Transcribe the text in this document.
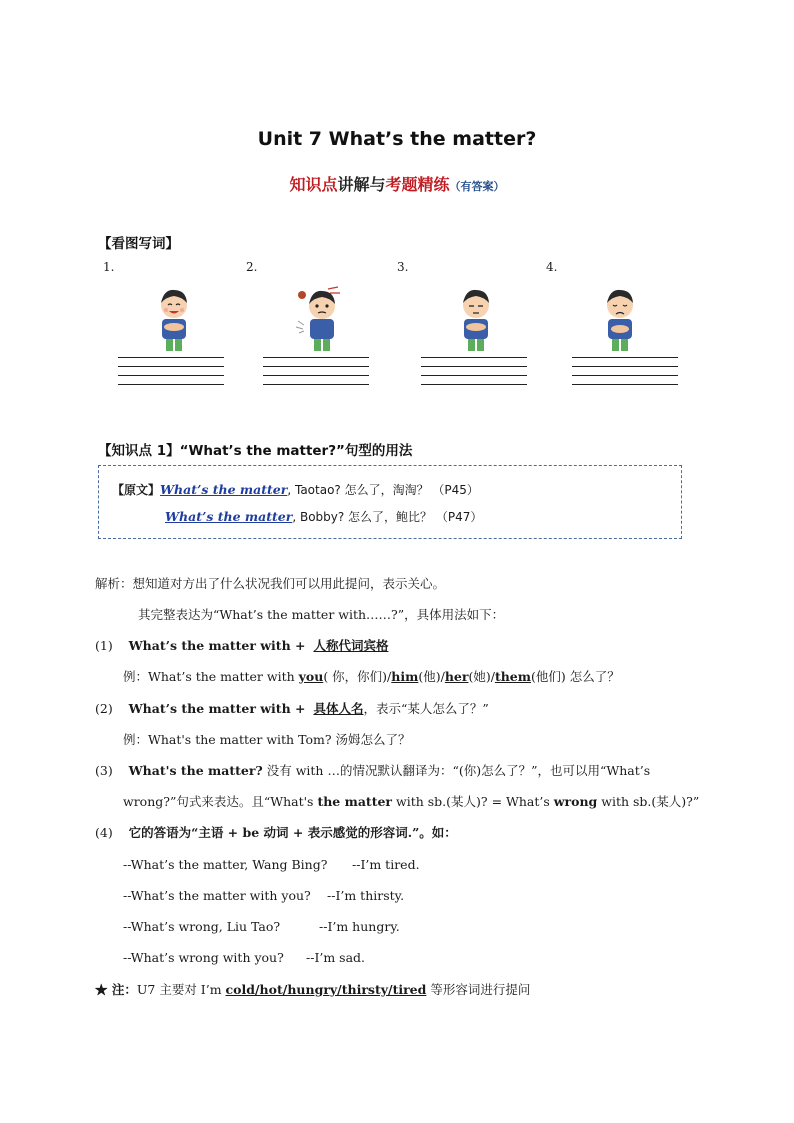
Unit 7 What’s the matter?
知识点讲解与考题精练（有答案）
【看图写词】
1.	2.	3.	4.
【知识点 1】“What’s the matter?”句型的用法
【原文】What’s the matter, Taotao? 怎么了，淘淘？ （P45）
What’s the matter, Bobby? 怎么了，鲍比？ （P47）
解析：想知道对方出了什么状况我们可以用此提问，表示关心。
其完整表达为“What’s the matter with……?”，具体用法如下：
(1) What’s the matter with + 人称代词宾格
例：What’s the matter with you( 你，你们)/him(他)/her(她)/them(他们) 怎么了？
(2) What’s the matter with + 具体人名，表示“某人怎么了？”
例：What's the matter with Tom? 汤姆怎么了？
(3) What's the matter? 没有 with …的情况默认翻译为：“(你)怎么了？”，也可以用“What’s
wrong?”句式来表达。且“What's the matter with sb.(某人)? = What’s wrong with sb.(某人)?”
(4) 它的答语为“主语 + be 动词 + 表示感觉的形容词.”。如：
--What’s the matter, Wang Bing? --I’m tired.
--What’s the matter with you? --I’m thirsty.
--What’s wrong, Liu Tao?	--I’m hungry.
--What’s wrong with you? --I’m sad.
★ 注：U7 主要对 I’m cold/hot/hungry/thirsty/tired 等形容词进行提问
